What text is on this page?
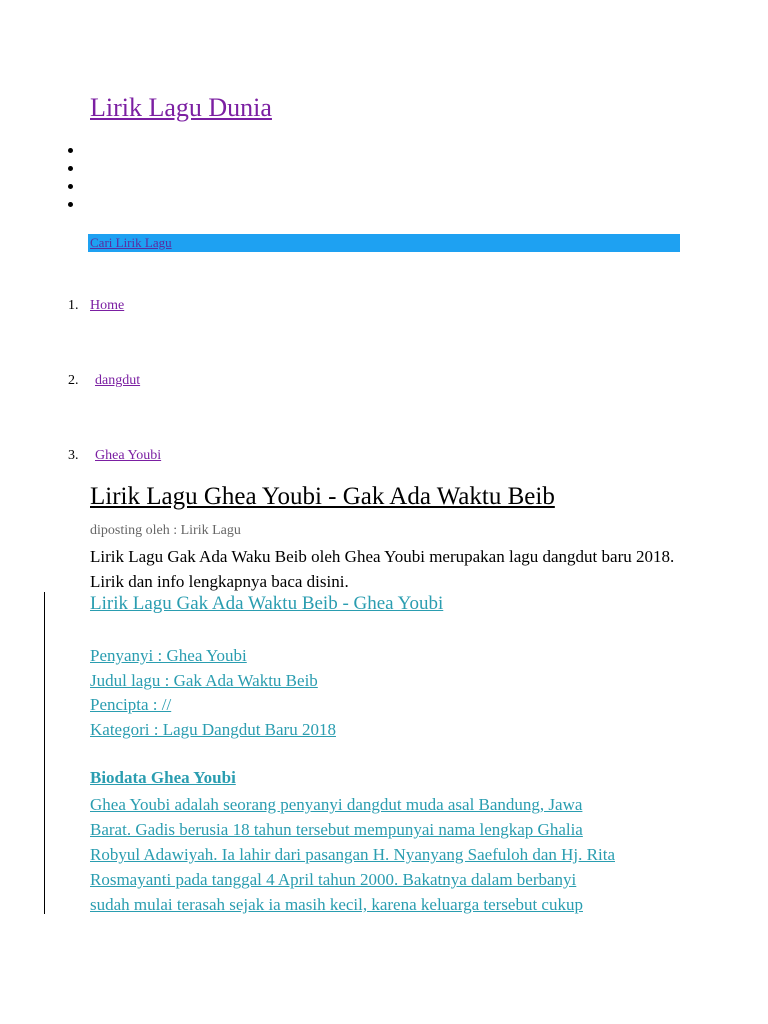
Lirik Lagu Dunia
Cari Lirik Lagu
1. Home
2. dangdut
3. Ghea Youbi
Lirik Lagu Ghea Youbi - Gak Ada Waktu Beib
diposting oleh : Lirik Lagu
Lirik Lagu Gak Ada Waku Beib oleh Ghea Youbi merupakan lagu dangdut baru 2018. Lirik dan info lengkapnya baca disini.
Lirik Lagu Gak Ada Waktu Beib - Ghea Youbi
Penyanyi : Ghea Youbi
Judul lagu : Gak Ada Waktu Beib
Pencipta : //
Kategori : Lagu Dangdut Baru 2018
Biodata Ghea Youbi
Ghea Youbi adalah seorang penyanyi dangdut muda asal Bandung, Jawa
Barat. Gadis berusia 18 tahun tersebut mempunyai nama lengkap Ghalia
Robyul Adawiyah. Ia lahir dari pasangan H. Nyanyang Saefuloh dan Hj. Rita
Rosmayanti pada tanggal 4 April tahun 2000. Bakatnya dalam berbanyi
sudah mulai terasah sejak ia masih kecil, karena keluarga tersebut cukup
